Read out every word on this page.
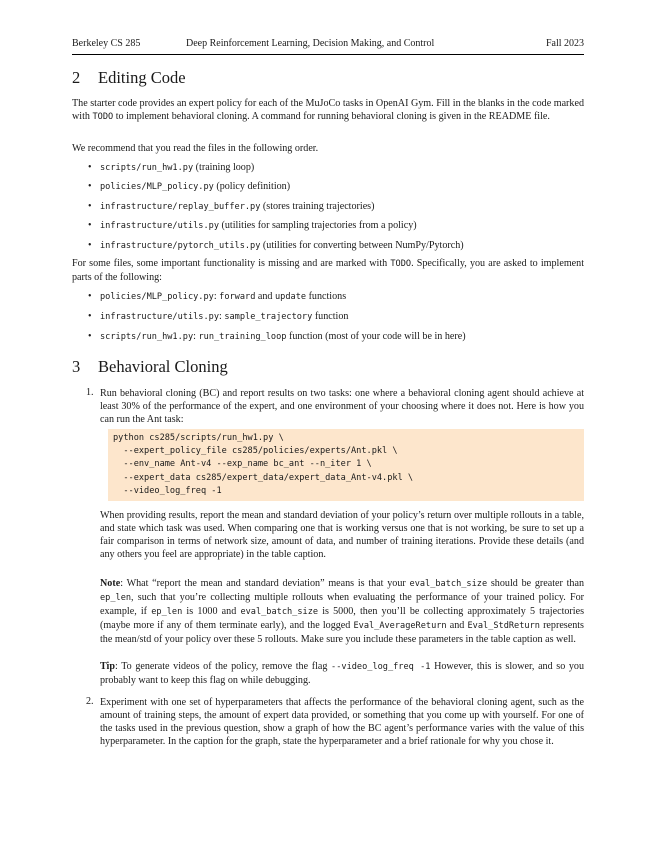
Berkeley CS 285	Deep Reinforcement Learning, Decision Making, and Control	Fall 2023
2 Editing Code
The starter code provides an expert policy for each of the MuJoCo tasks in OpenAI Gym. Fill in the blanks in the code marked with TODO to implement behavioral cloning. A command for running behavioral cloning is given in the README file.
We recommend that you read the files in the following order.
• scripts/run_hw1.py (training loop)
• policies/MLP_policy.py (policy definition)
• infrastructure/replay_buffer.py (stores training trajectories)
• infrastructure/utils.py (utilities for sampling trajectories from a policy)
• infrastructure/pytorch_utils.py (utilities for converting between NumPy/Pytorch)
For some files, some important functionality is missing and are marked with TODO. Specifically, you are asked to implement parts of the following:
• policies/MLP_policy.py: forward and update functions
• infrastructure/utils.py: sample_trajectory function
• scripts/run_hw1.py: run_training_loop function (most of your code will be in here)
3 Behavioral Cloning
1. Run behavioral cloning (BC) and report results on two tasks: one where a behavioral cloning agent should achieve at least 30% of the performance of the expert, and one environment of your choosing where it does not. Here is how you can run the Ant task:
python cs285/scripts/run_hw1.py \
--expert_policy_file cs285/policies/experts/Ant.pkl \
--env_name Ant-v4 --exp_name bc_ant --n_iter 1 \
--expert_data cs285/expert_data/expert_data_Ant-v4.pkl \
--video_log_freq -1
When providing results, report the mean and standard deviation of your policy’s return over multiple rollouts in a table, and state which task was used. When comparing one that is working versus one that is not working, be sure to set up a fair comparison in terms of network size, amount of data, and number of training iterations. Provide these details (and any others you feel are appropriate) in the table caption.
Note: What “report the mean and standard deviation” means is that your eval_batch_size should be greater than ep_len, such that you’re collecting multiple rollouts when evaluating the performance of your trained policy. For example, if ep_len is 1000 and eval_batch_size is 5000, then you’ll be collecting approximately 5 trajectories (maybe more if any of them terminate early), and the logged Eval_AverageReturn and Eval_StdReturn represents the mean/std of your policy over these 5 rollouts. Make sure you include these parameters in the table caption as well.
Tip: To generate videos of the policy, remove the flag --video_log_freq -1 However, this is slower, and so you probably want to keep this flag on while debugging.
2. Experiment with one set of hyperparameters that affects the performance of the behavioral cloning agent, such as the amount of training steps, the amount of expert data provided, or something that you come up with yourself. For one of the tasks used in the previous question, show a graph of how the BC agent’s performance varies with the value of this hyperparameter. In the caption for the graph, state the hyperparameter and a brief rationale for why you chose it.
